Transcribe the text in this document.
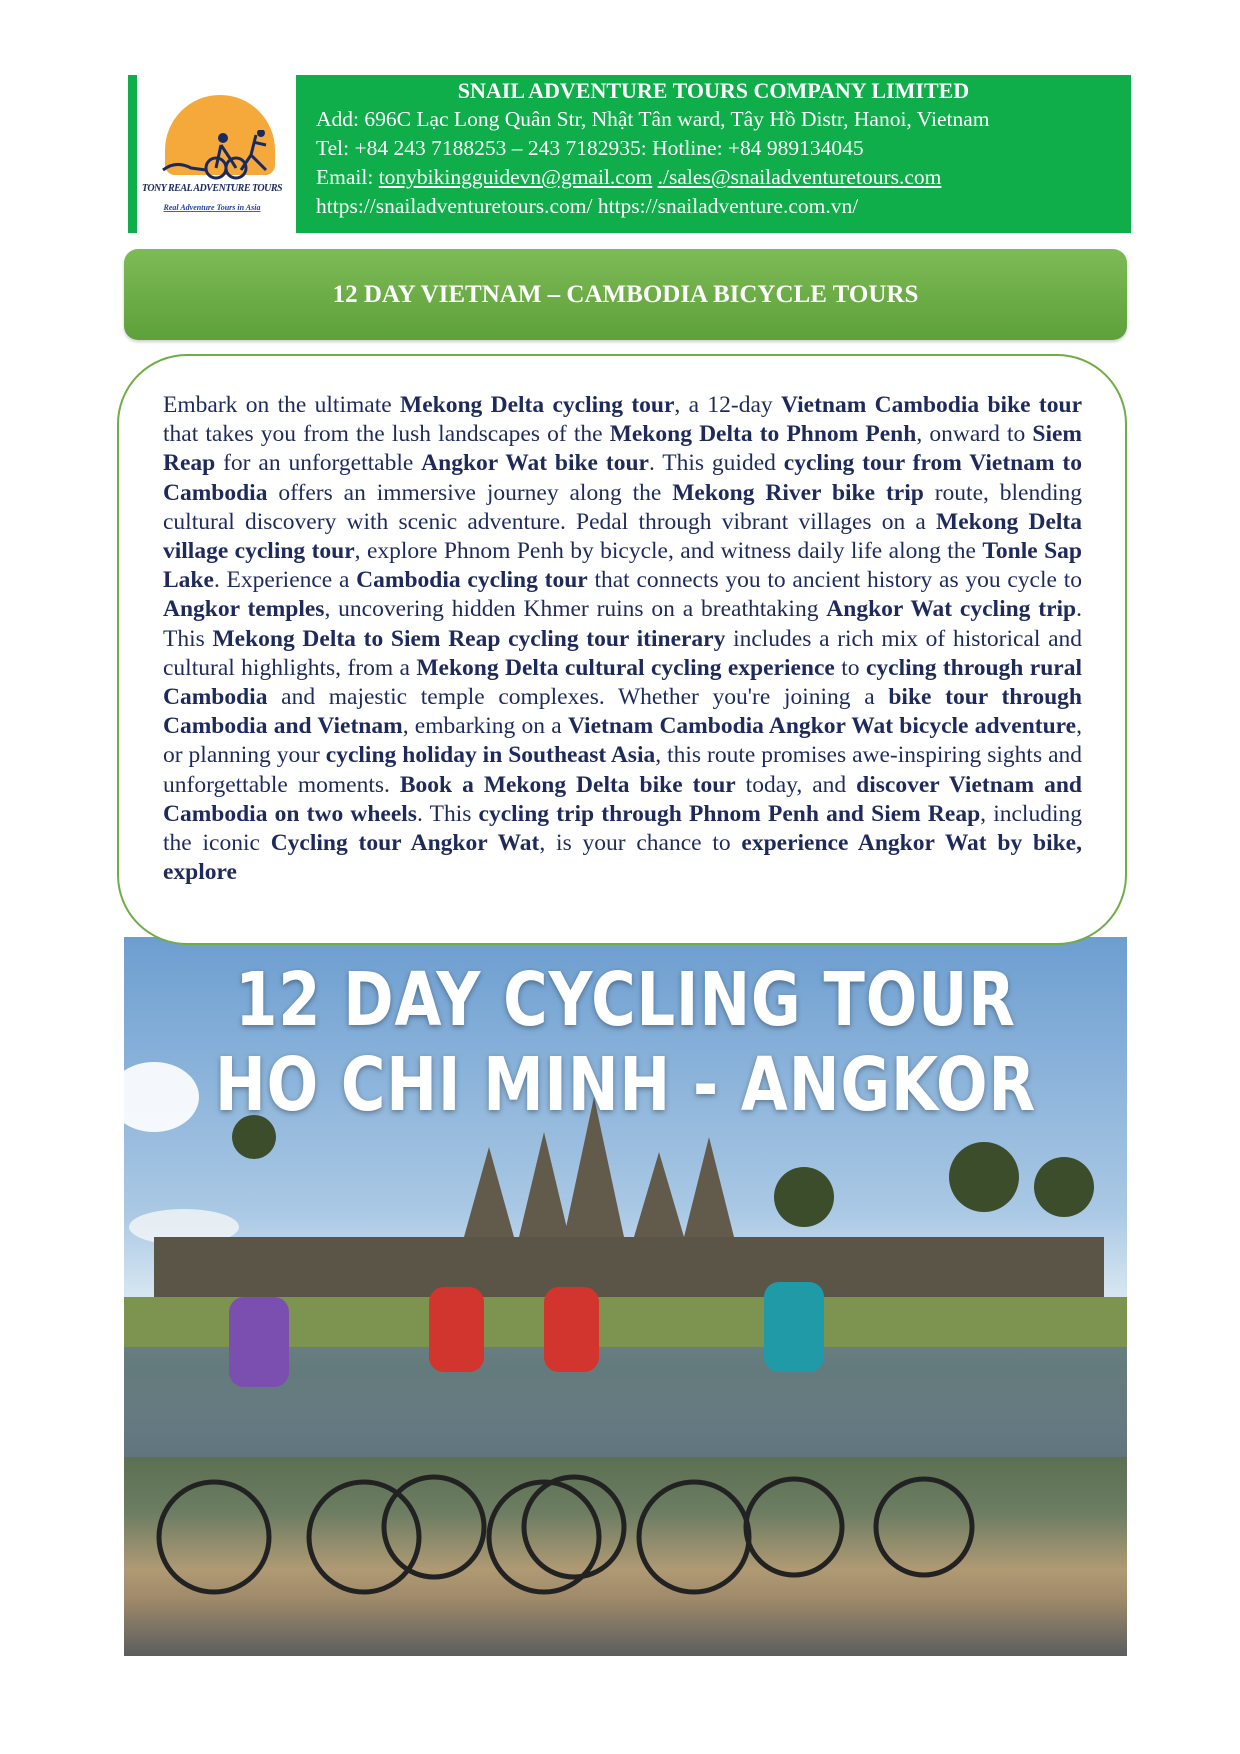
TONY REAL ADVENTURE TOURS
Real Adventure Tours in Asia
SNAIL ADVENTURE TOURS COMPANY LIMITED
Add: 696C Lạc Long Quân Str, Nhật Tân ward, Tây Hồ Distr, Hanoi, Vietnam
Tel: +84 243 7188253 – 243 7182935: Hotline: +84 989134045
Email: tonybikingguidevn@gmail.com ./sales@snailadventuretours.com
https://snailadventuretours.com/ https://snailadventure.com.vn/
12 DAY VIETNAM – CAMBODIA BICYCLE TOURS
Embark on the ultimate Mekong Delta cycling tour, a 12-day Vietnam Cambodia bike tour that takes you from the lush landscapes of the Mekong Delta to Phnom Penh, onward to Siem Reap for an unforgettable Angkor Wat bike tour. This guided cycling tour from Vietnam to Cambodia offers an immersive journey along the Mekong River bike trip route, blending cultural discovery with scenic adventure. Pedal through vibrant villages on a Mekong Delta village cycling tour, explore Phnom Penh by bicycle, and witness daily life along the Tonle Sap Lake. Experience a Cambodia cycling tour that connects you to ancient history as you cycle to Angkor temples, uncovering hidden Khmer ruins on a breathtaking Angkor Wat cycling trip. This Mekong Delta to Siem Reap cycling tour itinerary includes a rich mix of historical and cultural highlights, from a Mekong Delta cultural cycling experience to cycling through rural Cambodia and majestic temple complexes. Whether you're joining a bike tour through Cambodia and Vietnam, embarking on a Vietnam Cambodia Angkor Wat bicycle adventure, or planning your cycling holiday in Southeast Asia, this route promises awe-inspiring sights and unforgettable moments. Book a Mekong Delta bike tour today, and discover Vietnam and Cambodia on two wheels. This cycling trip through Phnom Penh and Siem Reap, including the iconic Cycling tour Angkor Wat, is your chance to experience Angkor Wat by bike, explore
12 DAY CYCLING TOUR
HO CHI MINH - ANGKOR
